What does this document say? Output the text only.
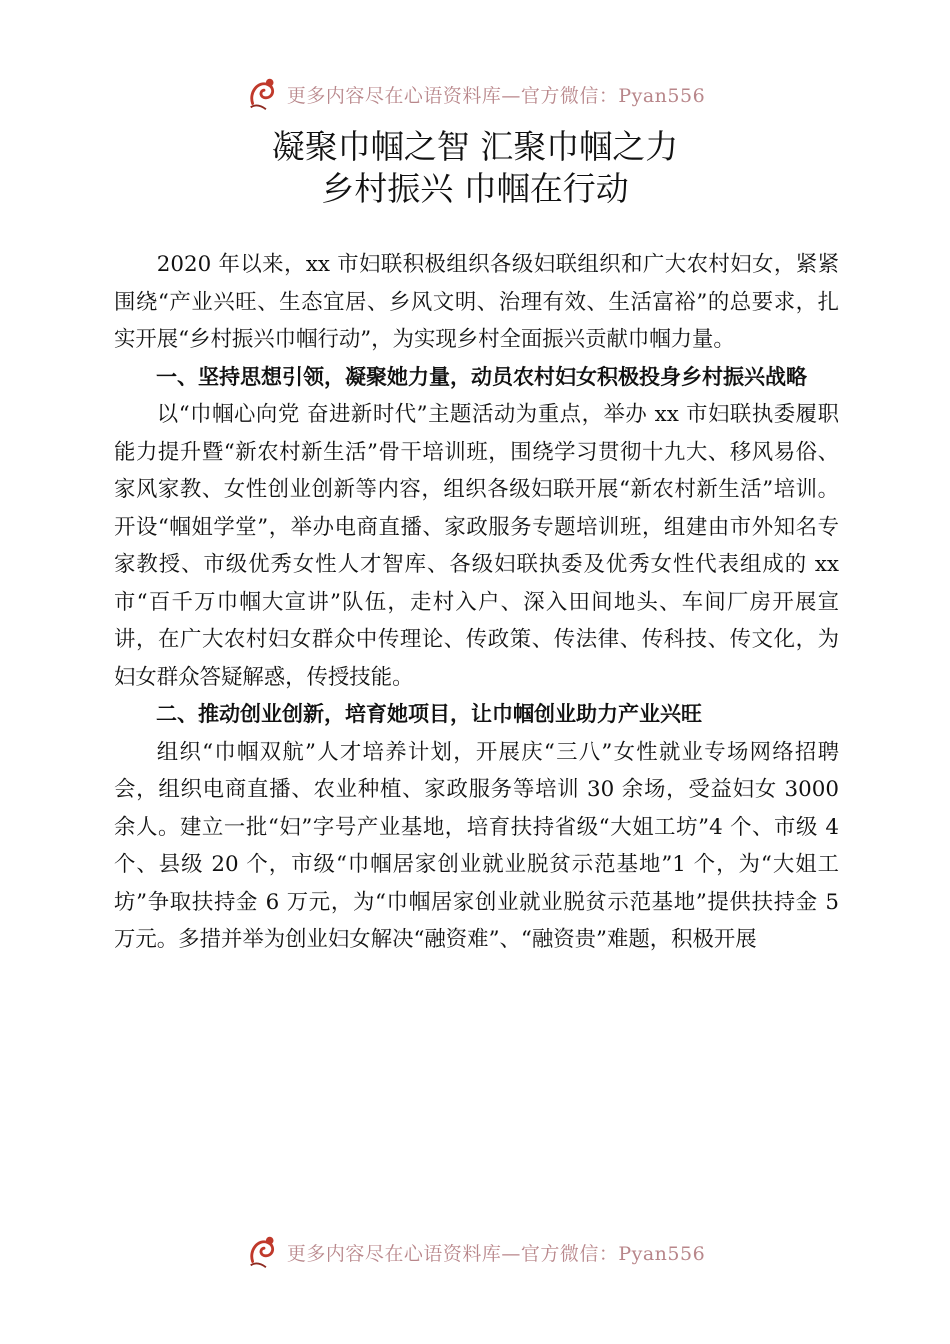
更多内容尽在心语资料库—官方微信：Pyan556
凝聚巾帼之智 汇聚巾帼之力
乡村振兴 巾帼在行动

2020 年以来，xx 市妇联积极组织各级妇联组织和广大农村妇女，紧紧围绕“产业兴旺、生态宜居、乡风文明、治理有效、生活富裕”的总要求，扎实开展“乡村振兴巾帼行动”，为实现乡村全面振兴贡献巾帼力量。

一、坚持思想引领，凝聚她力量，动员农村妇女积极投身乡村振兴战略

以“巾帼心向党 奋进新时代”主题活动为重点，举办 xx 市妇联执委履职能力提升暨“新农村新生活”骨干培训班，围绕学习贯彻十九大、移风易俗、家风家教、女性创业创新等内容，组织各级妇联开展“新农村新生活”培训。开设“帼姐学堂”，举办电商直播、家政服务专题培训班，组建由市外知名专家教授、市级优秀女性人才智库、各级妇联执委及优秀女性代表组成的 xx 市“百千万巾帼大宣讲”队伍，走村入户、深入田间地头、车间厂房开展宣讲，在广大农村妇女群众中传理论、传政策、传法律、传科技、传文化，为妇女群众答疑解惑，传授技能。

二、推动创业创新，培育她项目，让巾帼创业助力产业兴旺

组织“巾帼双航”人才培养计划，开展庆“三八”女性就业专场网络招聘会，组织电商直播、农业种植、家政服务等培训 30 余场，受益妇女 3000 余人。建立一批“妇”字号产业基地，培育扶持省级“大姐工坊”4 个、市级 4 个、县级 20 个，市级“巾帼居家创业就业脱贫示范基地”1 个，为“大姐工坊”争取扶持金 6 万元，为“巾帼居家创业就业脱贫示范基地”提供扶持金 5 万元。多措并举为创业妇女解决“融资难”、“融资贵”难题，积极开展

更多内容尽在心语资料库—官方微信：Pyan556
